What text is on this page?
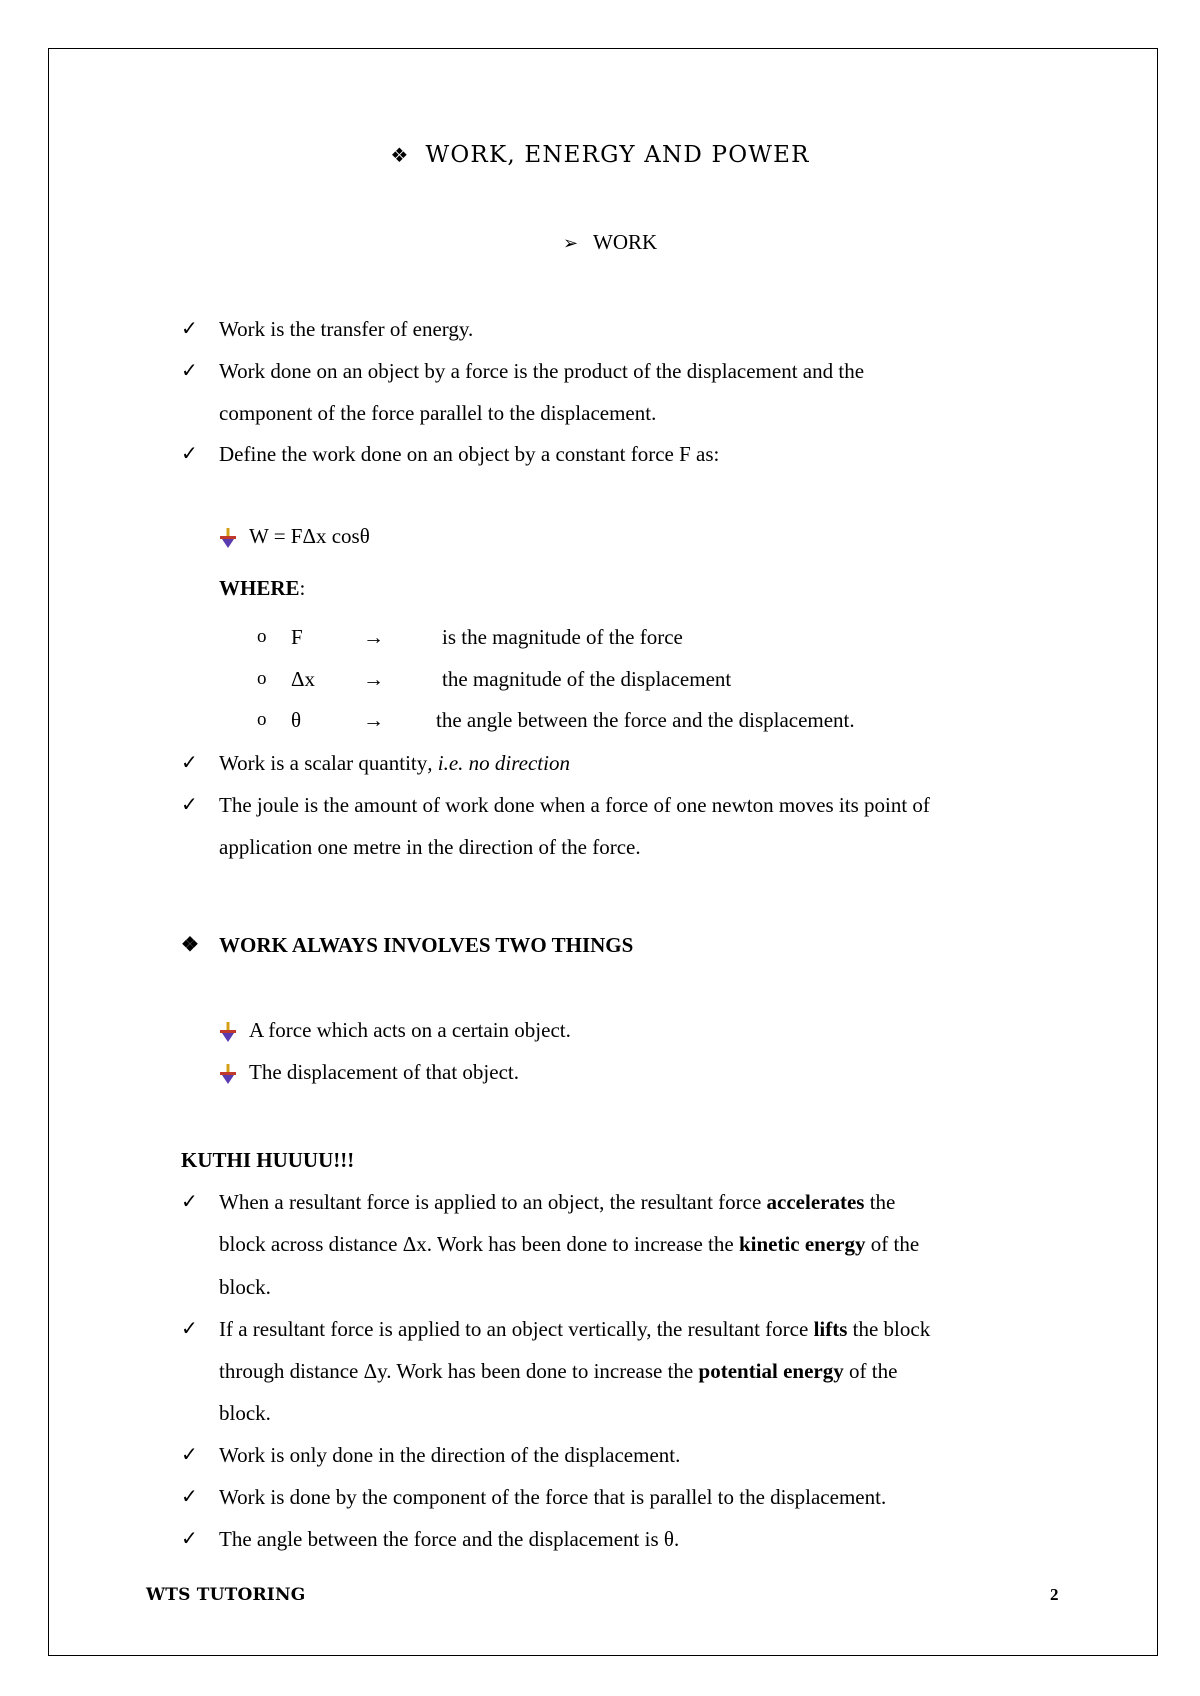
❖ WORK, ENERGY AND POWER
➢ WORK
✓ Work is the transfer of energy.
✓ Work done on an object by a force is the product of the displacement and the
component of the force parallel to the displacement.
✓ Define the work done on an object by a constant force F as:
W = FΔx cosθ
WHERE:
o F	→	is the magnitude of the force
o Δx →	the magnitude of the displacement
o θ	→ the angle between the force and the displacement.
✓ Work is a scalar quantity, i.e. no direction
✓ The joule is the amount of work done when a force of one newton moves its point of
application one metre in the direction of the force.
❖ WORK ALWAYS INVOLVES TWO THINGS
A force which acts on a certain object.
The displacement of that object.
KUTHI HUUUU!!!
✓ When a resultant force is applied to an object, the resultant force accelerates the
block across distance Δx. Work has been done to increase the kinetic energy of the
block.
✓ If a resultant force is applied to an object vertically, the resultant force lifts the block
through distance Δy. Work has been done to increase the potential energy of the
block.
✓ Work is only done in the direction of the displacement.
✓ Work is done by the component of the force that is parallel to the displacement.
✓ The angle between the force and the displacement is θ.
WTS TUTORING	2
